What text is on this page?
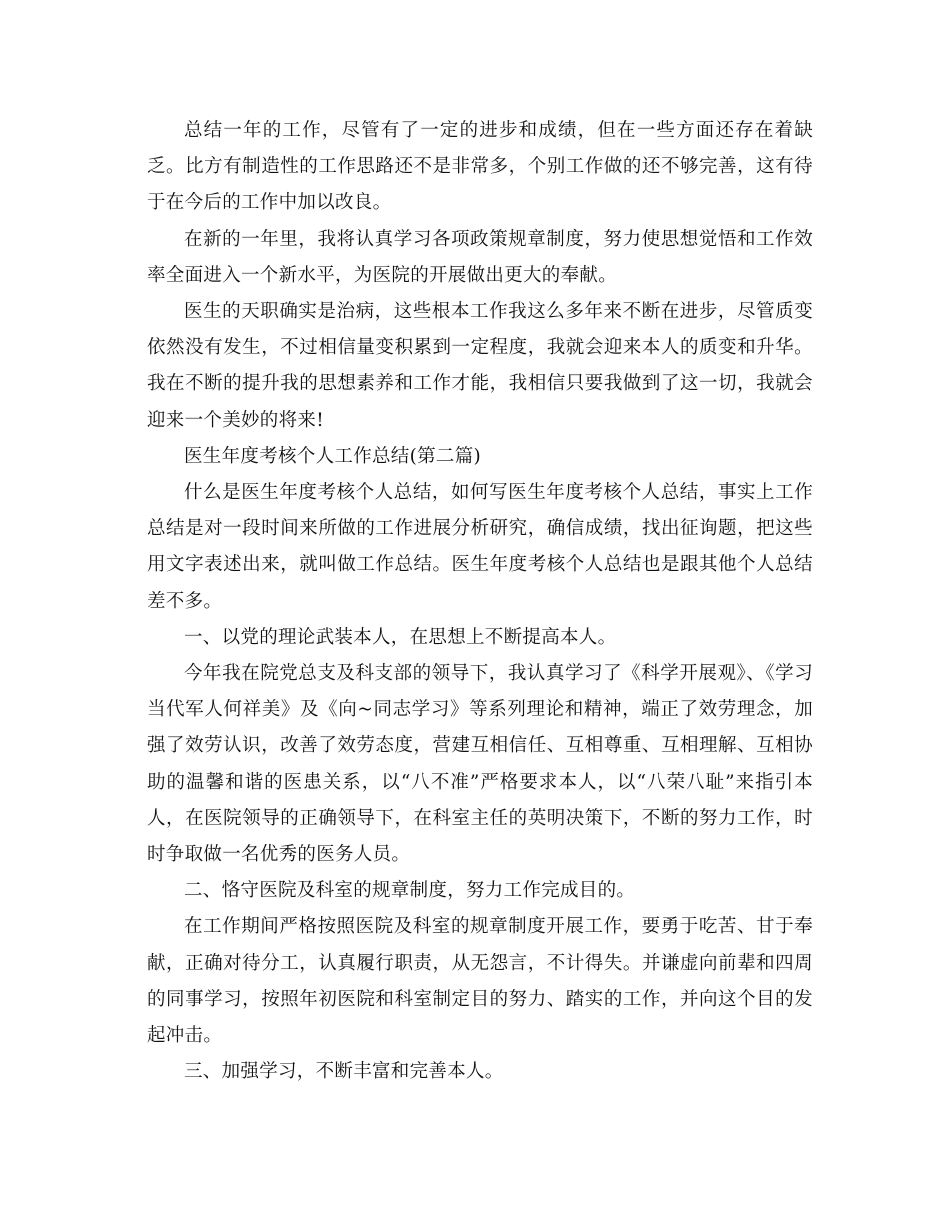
总结一年的工作，尽管有了一定的进步和成绩，但在一些方面还存在着缺乏。比方有制造性的工作思路还不是非常多，个别工作做的还不够完善，这有待于在今后的工作中加以改良。

在新的一年里，我将认真学习各项政策规章制度，努力使思想觉悟和工作效率全面进入一个新水平，为医院的开展做出更大的奉献。

医生的天职确实是治病，这些根本工作我这么多年来不断在进步，尽管质变依然没有发生，不过相信量变积累到一定程度，我就会迎来本人的质变和升华。我在不断的提升我的思想素养和工作才能，我相信只要我做到了这一切，我就会迎来一个美妙的将来!

医生年度考核个人工作总结(第二篇)

什么是医生年度考核个人总结，如何写医生年度考核个人总结，事实上工作总结是对一段时间来所做的工作进展分析研究，确信成绩，找出征询题，把这些用文字表述出来，就叫做工作总结。医生年度考核个人总结也是跟其他个人总结差不多。

一、以党的理论武装本人，在思想上不断提高本人。

今年我在院党总支及科支部的领导下，我认真学习了《科学开展观》、《学习当代军人何祥美》及《向~同志学习》等系列理论和精神，端正了效劳理念，加强了效劳认识，改善了效劳态度，营建互相信任、互相尊重、互相理解、互相协助的温馨和谐的医患关系，以“八不准”严格要求本人，以“八荣八耻”来指引本人，在医院领导的正确领导下，在科室主任的英明决策下，不断的努力工作，时时争取做一名优秀的医务人员。

二、恪守医院及科室的规章制度，努力工作完成目的。

在工作期间严格按照医院及科室的规章制度开展工作，要勇于吃苦、甘于奉献，正确对待分工，认真履行职责，从无怨言，不计得失。并谦虚向前辈和四周的同事学习，按照年初医院和科室制定目的努力、踏实的工作，并向这个目的发起冲击。

三、加强学习，不断丰富和完善本人。
